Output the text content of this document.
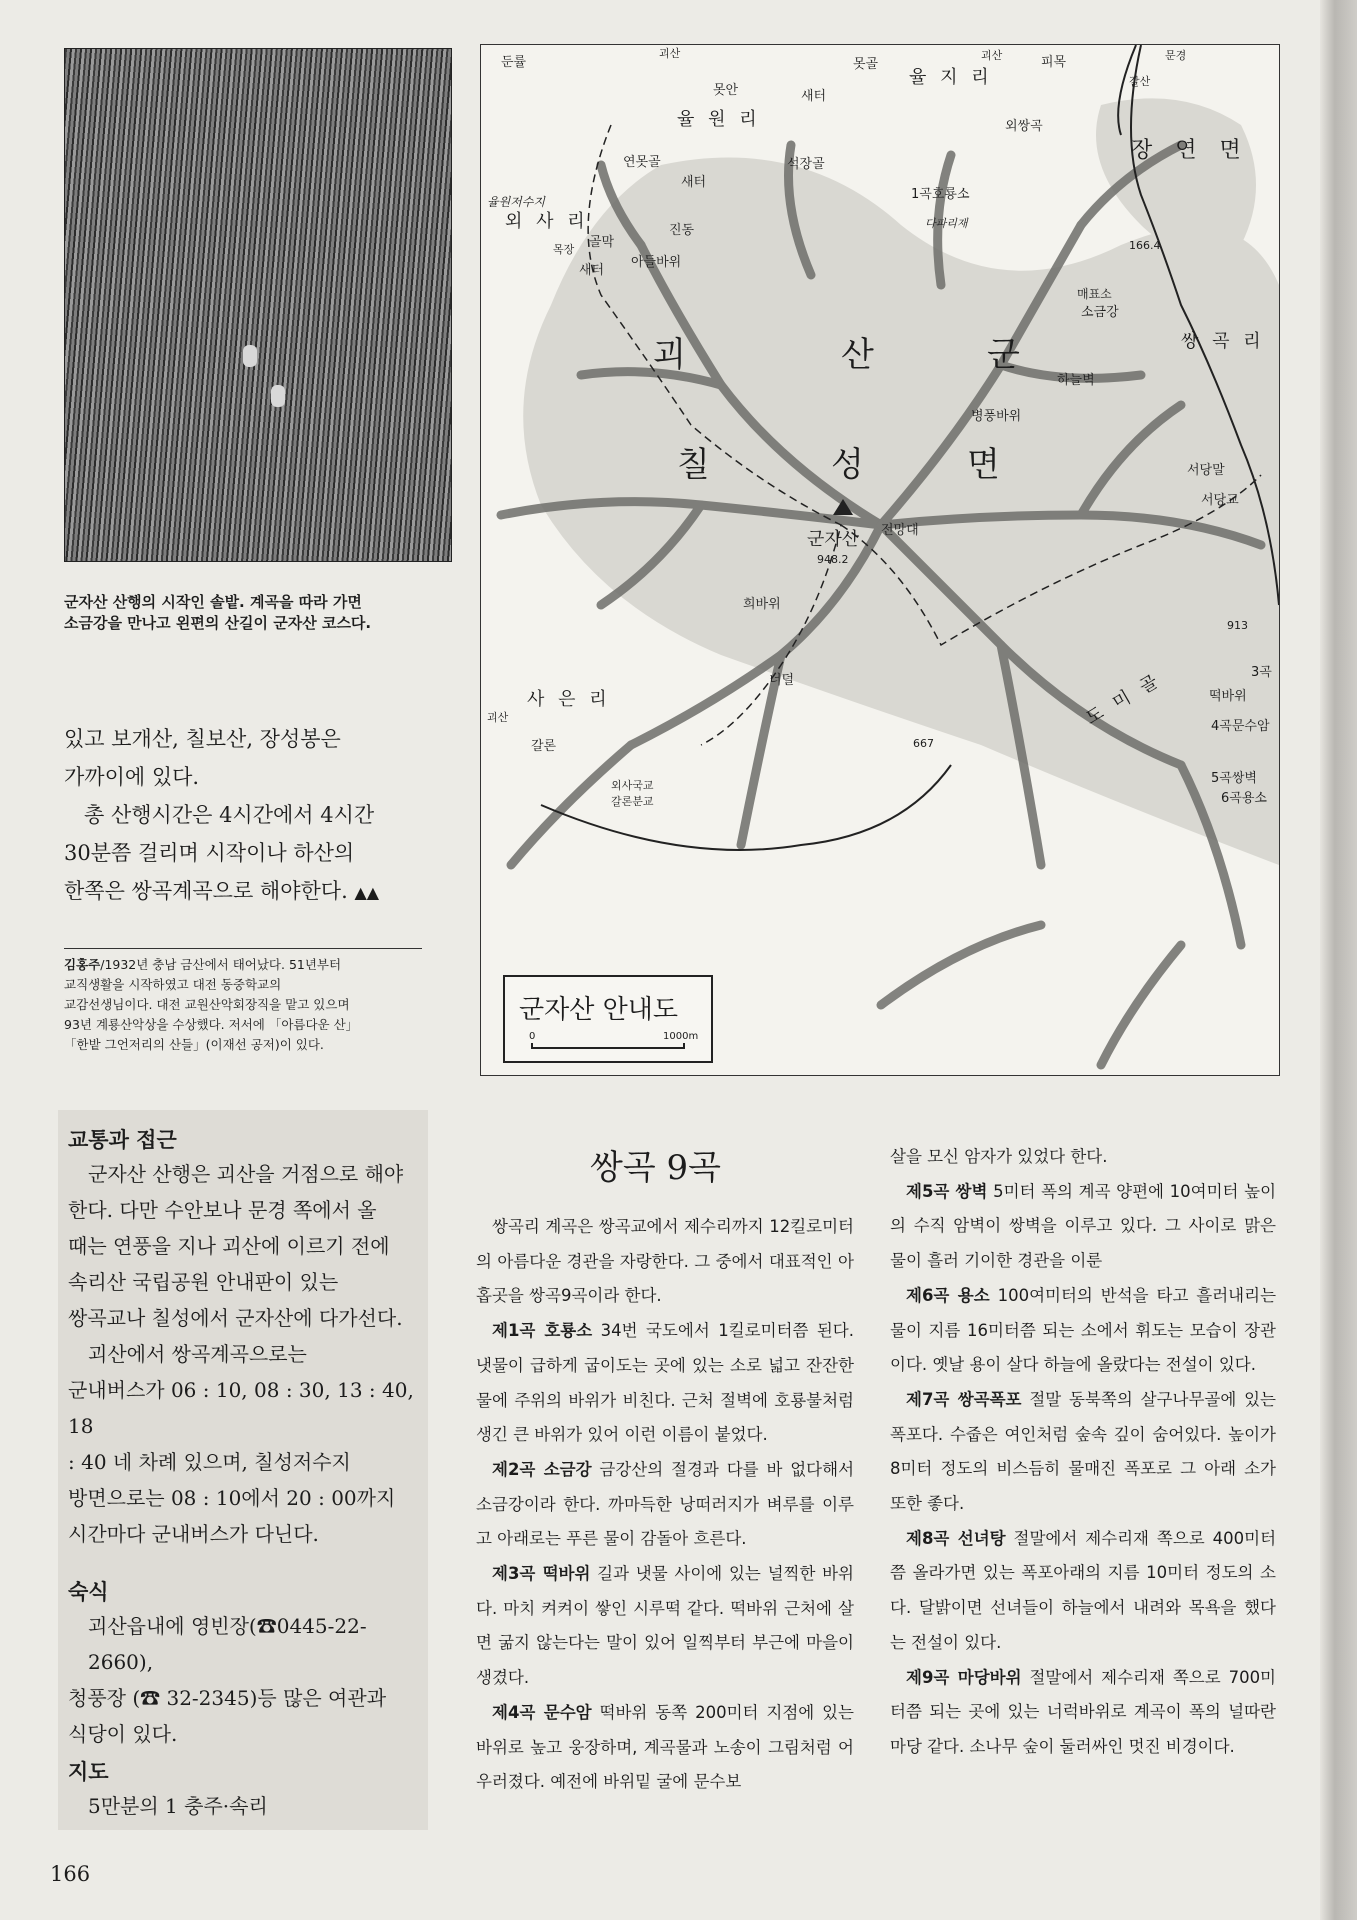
군자산 산행의 시작인 솔밭. 계곡을 따라 가면
소금강을 만나고 왼편의 산길이 군자산 코스다.
있고 보개산, 칠보산, 장성봉은
가까이에 있다.
총 산행시간은 4시간에서 4시간
30분쯤 걸리며 시작이나 하산의
한쪽은 쌍곡계곡으로 해야한다. ▲▲
김홍주/1932년 충남 금산에서 태어났다. 51년부터
교직생활을 시작하였고 대전 동중학교의
교감선생님이다. 대전 교원산악회장직을 맡고 있으며
93년 계룡산악상을 수상했다. 저서에 「아름다운 산」
「한밭 그언저리의 산들」(이재선 공저)이 있다.
둔률
괴산
못골
괴산	피목	문경
못안	새터
율 지 리	갈산
율 원 리	외쌍곡
연못골	석장골
새터
장 연 면
율원저수지	1곡호룡소
다파리재
외 사 리
골막
진동
목장
새터
아들바위
166.4
매표소
소금강
쌍 곡 리
괴	산	군
하늘벽
병풍바위
칠	성	면	서당말
서당교
군자산 전망대
948.2
희바위
913
3곡
너덜	도 미 골	떡바위
4곡문수암
사 은 리
괴산
갈론	667
5곡쌍벽
6곡용소
외사국교
갈론분교
군자산 안내도
0	1000m
교통과 접근
군자산 산행은 괴산을 거점으로 해야
한다. 다만 수안보나 문경 쪽에서 올
때는 연풍을 지나 괴산에 이르기 전에
속리산 국립공원 안내판이 있는
쌍곡교나 칠성에서 군자산에 다가선다.
괴산에서 쌍곡계곡으로는
군내버스가 06 : 10, 08 : 30, 13 : 40, 18
: 40 네 차례 있으며, 칠성저수지
방면으로는 08 : 10에서 20 : 00까지
시간마다 군내버스가 다닌다.
숙식
괴산읍내에 영빈장(☎0445-22-2660),
청풍장 (☎ 32-2345)등 많은 여관과
식당이 있다.
지도
5만분의 1 충주·속리
166
쌍곡 9곡

쌍곡리 계곡은 쌍곡교에서 제수리까지 12킬로미터의 아름다운 경관을 자랑한다. 그 중에서 대표적인 아홉곳을 쌍곡9곡이라 한다.

제1곡 호룡소 34번 국도에서 1킬로미터쯤 된다. 냇물이 급하게 굽이도는 곳에 있는 소로 넓고 잔잔한 물에 주위의 바위가 비친다. 근처 절벽에 호룡불처럼 생긴 큰 바위가 있어 이런 이름이 붙었다.

제2곡 소금강 금강산의 절경과 다를 바 없다해서 소금강이라 한다. 까마득한 낭떠러지가 벼루를 이루고 아래로는 푸른 물이 감돌아 흐른다.

제3곡 떡바위 길과 냇물 사이에 있는 널찍한 바위다. 마치 켜켜이 쌓인 시루떡 같다. 떡바위 근처에 살면 굶지 않는다는 말이 있어 일찍부터 부근에 마을이 생겼다.

제4곡 문수암 떡바위 동쪽 200미터 지점에 있는 바위로 높고 웅장하며, 계곡물과 노송이 그림처럼 어우러졌다. 예전에 바위밑 굴에 문수보

살을 모신 암자가 있었다 한다.

제5곡 쌍벽 5미터 폭의 계곡 양편에 10여미터 높이의 수직 암벽이 쌍벽을 이루고 있다. 그 사이로 맑은 물이 흘러 기이한 경관을 이룬

제6곡 용소 100여미터의 반석을 타고 흘러내리는 물이 지름 16미터쯤 되는 소에서 휘도는 모습이 장관이다. 옛날 용이 살다 하늘에 올랐다는 전설이 있다.

제7곡 쌍곡폭포 절말 동북쪽의 살구나무골에 있는 폭포다. 수줍은 여인처럼 숲속 깊이 숨어있다. 높이가 8미터 정도의 비스듬히 물매진 폭포로 그 아래 소가 또한 좋다.

제8곡 선녀탕 절말에서 제수리재 쪽으로 400미터쯤 올라가면 있는 폭포아래의 지름 10미터 정도의 소다. 달밝이면 선녀들이 하늘에서 내려와 목욕을 했다는 전설이 있다.

제9곡 마당바위 절말에서 제수리재 쪽으로 700미터쯤 되는 곳에 있는 너럭바위로 계곡이 폭의 널따란 마당 같다. 소나무 숲이 둘러싸인 멋진 비경이다.
